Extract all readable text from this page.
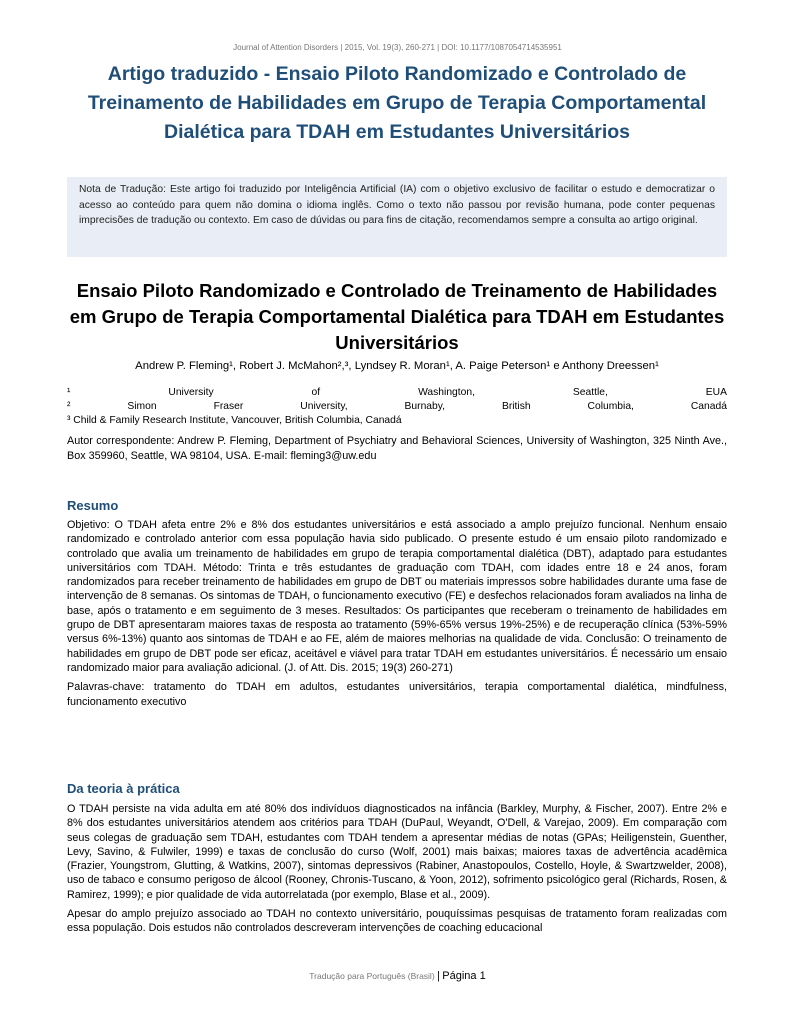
Journal of Attention Disorders | 2015, Vol. 19(3), 260-271 | DOI: 10.1177/1087054714535951
Artigo traduzido - Ensaio Piloto Randomizado e Controlado de Treinamento de Habilidades em Grupo de Terapia Comportamental Dialética para TDAH em Estudantes Universitários
Nota de Tradução: Este artigo foi traduzido por Inteligência Artificial (IA) com o objetivo exclusivo de facilitar o estudo e democratizar o acesso ao conteúdo para quem não domina o idioma inglês. Como o texto não passou por revisão humana, pode conter pequenas imprecisões de tradução ou contexto. Em caso de dúvidas ou para fins de citação, recomendamos sempre a consulta ao artigo original.
Ensaio Piloto Randomizado e Controlado de Treinamento de Habilidades em Grupo de Terapia Comportamental Dialética para TDAH em Estudantes Universitários
Andrew P. Fleming¹, Robert J. McMahon²,³, Lyndsey R. Moran¹, A. Paige Peterson¹ e Anthony Dreessen¹
¹	University	of	Washington,	Seattle,	EUA
²	Simon	Fraser	University,	Burnaby,	British	Columbia,	Canadá
³ Child & Family Research Institute, Vancouver, British Columbia, Canadá
Autor correspondente: Andrew P. Fleming, Department of Psychiatry and Behavioral Sciences, University of Washington, 325 Ninth Ave., Box 359960, Seattle, WA 98104, USA. E-mail: fleming3@uw.edu
Resumo

Objetivo: O TDAH afeta entre 2% e 8% dos estudantes universitários e está associado a amplo prejuízo funcional. Nenhum ensaio randomizado e controlado anterior com essa população havia sido publicado. O presente estudo é um ensaio piloto randomizado e controlado que avalia um treinamento de habilidades em grupo de terapia comportamental dialética (DBT), adaptado para estudantes universitários com TDAH. Método: Trinta e três estudantes de graduação com TDAH, com idades entre 18 e 24 anos, foram randomizados para receber treinamento de habilidades em grupo de DBT ou materiais impressos sobre habilidades durante uma fase de intervenção de 8 semanas. Os sintomas de TDAH, o funcionamento executivo (FE) e desfechos relacionados foram avaliados na linha de base, após o tratamento e em seguimento de 3 meses. Resultados: Os participantes que receberam o treinamento de habilidades em grupo de DBT apresentaram maiores taxas de resposta ao tratamento (59%-65% versus 19%-25%) e de recuperação clínica (53%-59% versus 6%-13%) quanto aos sintomas de TDAH e ao FE, além de maiores melhorias na qualidade de vida. Conclusão: O treinamento de habilidades em grupo de DBT pode ser eficaz, aceitável e viável para tratar TDAH em estudantes universitários. É necessário um ensaio randomizado maior para avaliação adicional. (J. of Att. Dis. 2015; 19(3) 260-271)

Palavras-chave: tratamento do TDAH em adultos, estudantes universitários, terapia comportamental dialética, mindfulness, funcionamento executivo

Da teoria à prática

O TDAH persiste na vida adulta em até 80% dos indivíduos diagnosticados na infância (Barkley, Murphy, & Fischer, 2007). Entre 2% e 8% dos estudantes universitários atendem aos critérios para TDAH (DuPaul, Weyandt, O'Dell, & Varejao, 2009). Em comparação com seus colegas de graduação sem TDAH, estudantes com TDAH tendem a apresentar médias de notas (GPAs; Heiligenstein, Guenther, Levy, Savino, & Fulwiler, 1999) e taxas de conclusão do curso (Wolf, 2001) mais baixas; maiores taxas de advertência acadêmica (Frazier, Youngstrom, Glutting, & Watkins, 2007), sintomas depressivos (Rabiner, Anastopoulos, Costello, Hoyle, & Swartzwelder, 2008), uso de tabaco e consumo perigoso de álcool (Rooney, Chronis-Tuscano, & Yoon, 2012), sofrimento psicológico geral (Richards, Rosen, & Ramirez, 1999); e pior qualidade de vida autorrelatada (por exemplo, Blase et al., 2009).

Apesar do amplo prejuízo associado ao TDAH no contexto universitário, pouquíssimas pesquisas de tratamento foram realizadas com essa população. Dois estudos não controlados descreveram intervenções de coaching educacional

Tradução para Português (Brasil) | Página 1
